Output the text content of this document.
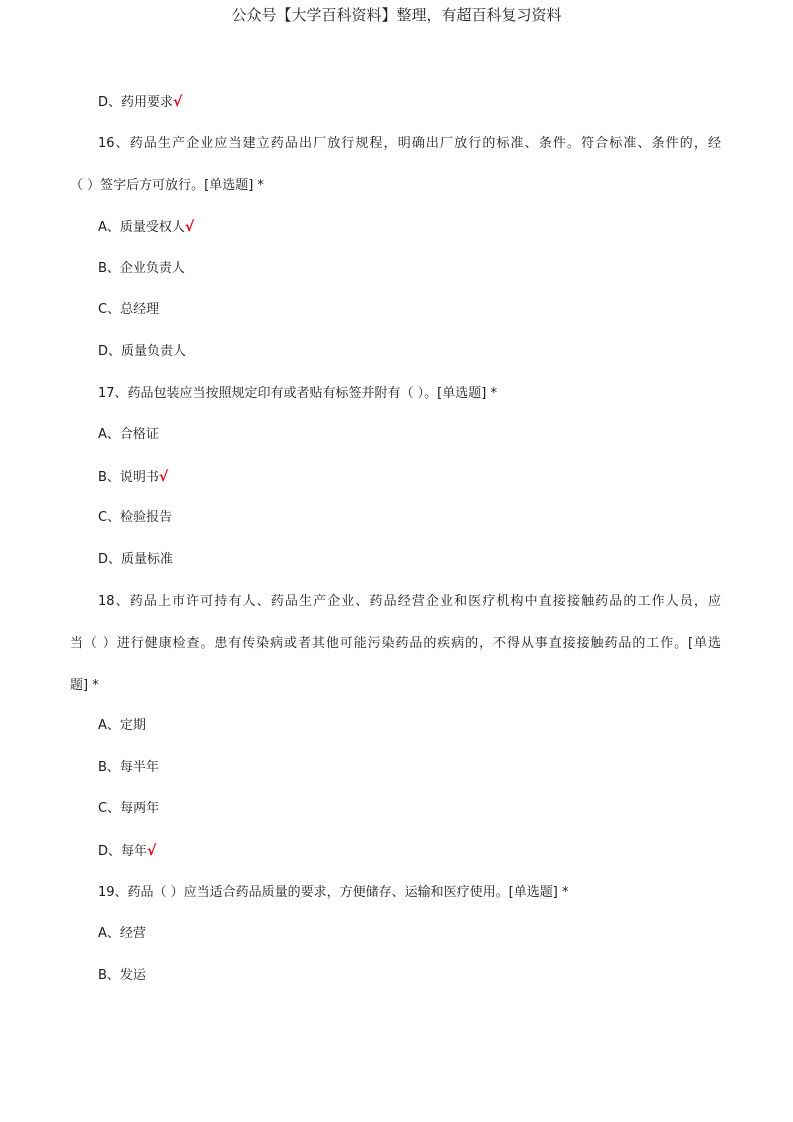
公众号【大学百科资料】整理，有超百科复习资料
D、药用要求√
16、药品生产企业应当建立药品出厂放行规程，明确出厂放行的标准、条件。符合标准、条件的，经
（ ）签字后方可放行。[单选题] *
A、质量受权人√
B、企业负责人
C、总经理
D、质量负责人
17、药品包装应当按照规定印有或者贴有标签并附有（ ）。[单选题] *
A、合格证
B、说明书√
C、检验报告
D、质量标准
18、药品上市许可持有人、药品生产企业、药品经营企业和医疗机构中直接接触药品的工作人员，应
当（ ）进行健康检查。患有传染病或者其他可能污染药品的疾病的，不得从事直接接触药品的工作。[单选
题] *
A、定期
B、每半年
C、每两年
D、每年√
19、药品（ ）应当适合药品质量的要求，方便储存、运输和医疗使用。[单选题] *
A、经营
B、发运
